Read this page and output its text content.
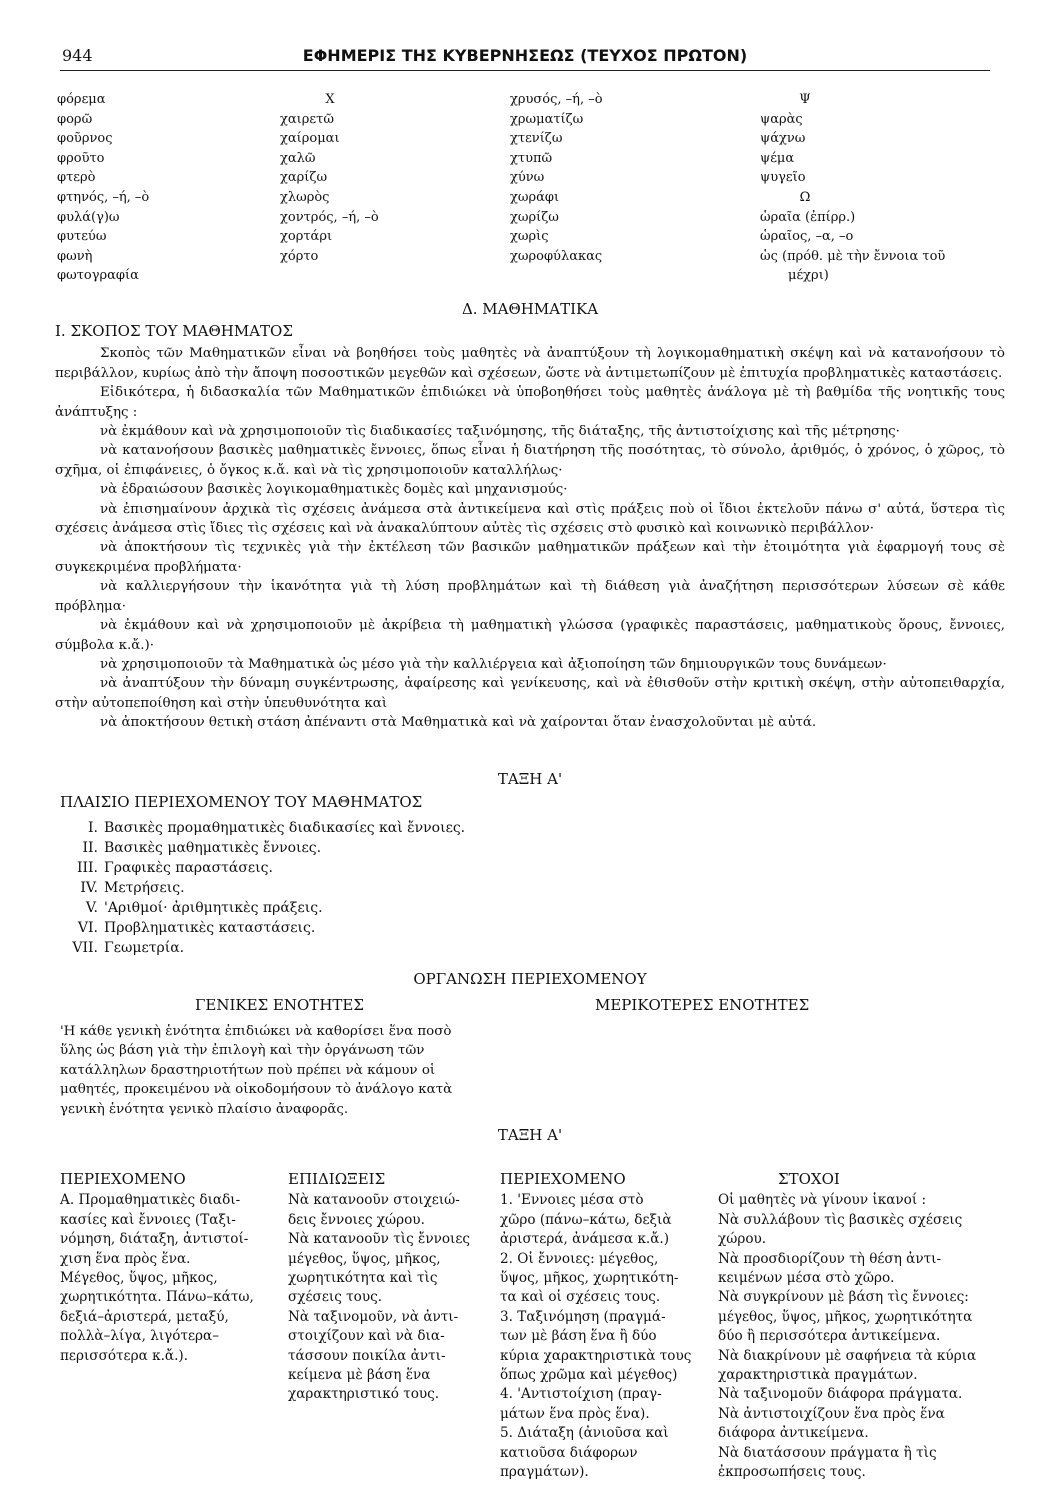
944	ΕΦΗΜΕΡΙΣ ΤΗΣ ΚΥΒΕΡΝΗΣΕΩΣ (ΤΕΥΧΟΣ ΠΡΩΤΟΝ)
φόρεμα
φορῶ
φοῦρνος
φροῦτο
φτερὸ
φτηνός, –ή, –ὸ
φυλά(γ)ω
φυτεύω
φωνὴ
φωτογραφία
X
χαιρετῶ
χαίρομαι
χαλῶ
χαρίζω
χλωρὸς
χοντρός, –ή, –ὸ
χορτάρι
χόρτο
χρυσός, –ή, –ὸ
χρωματίζω
χτενίζω
χτυπῶ
χύνω
χωράφι
χωρίζω
χωρὶς
χωροφύλακας
Ψ
ψαρὰς
ψάχνω
ψέμα
ψυγεῖο
Ω
ὡραῖα (ἐπίρρ.)
ὡραῖος, –α, –ο
ὡς (πρόθ. μὲ τὴν ἔννοια τοῦ
μέχρι)
Δ. ΜΑΘΗΜΑΤΙΚΑ
Ι. ΣΚΟΠΟΣ ΤΟΥ ΜΑΘΗΜΑΤΟΣ

Σκοπὸς τῶν Μαθηματικῶν εἶναι νὰ βοηθήσει τοὺς μαθητὲς νὰ ἀναπτύξουν τὴ λογικομαθηματικὴ σκέψη καὶ νὰ κατανοήσουν τὸ περιβάλλον, κυρίως ἀπὸ τὴν ἄποψη ποσοστικῶν μεγεθῶν καὶ σχέσεων, ὥστε νὰ ἀντιμετωπίζουν μὲ ἐπιτυχία προβληματικὲς καταστάσεις.

Εἰδικότερα, ἡ διδασκαλία τῶν Μαθηματικῶν ἐπιδιώκει νὰ ὑποβοηθήσει τοὺς μαθητὲς ἀνάλογα μὲ τὴ βαθμίδα τῆς νοητικῆς τους ἀνάπτυξης :

νὰ ἐκμάθουν καὶ νὰ χρησιμοποιοῦν τὶς διαδικασίες ταξινόμησης, τῆς διάταξης, τῆς ἀντιστοίχισης καὶ τῆς μέτρησης·

νὰ κατανοήσουν βασικὲς μαθηματικὲς ἔννοιες, ὅπως εἶναι ἡ διατήρηση τῆς ποσότητας, τὸ σύνολο, ἀριθμός, ὁ χρόνος, ὁ χῶρος, τὸ σχῆμα, οἱ ἐπιφάνειες, ὁ ὄγκος κ.ἄ. καὶ νὰ τὶς χρησιμοποιοῦν καταλλήλως·

νὰ ἑδραιώσουν βασικὲς λογικομαθηματικὲς δομὲς καὶ μηχανισμούς·

νὰ ἐπισημαίνουν ἀρχικὰ τὶς σχέσεις ἀνάμεσα στὰ ἀντικείμενα καὶ στὶς πράξεις ποὺ οἱ ἴδιοι ἐκτελοῦν πάνω σ' αὐτά, ὕστερα τὶς σχέσεις ἀνάμεσα στὶς ἴδιες τὶς σχέσεις καὶ νὰ ἀνακαλύπτουν αὐτὲς τὶς σχέσεις στὸ φυσικὸ καὶ κοινωνικὸ περιβάλλον·

νὰ ἀποκτήσουν τὶς τεχνικὲς γιὰ τὴν ἐκτέλεση τῶν βασικῶν μαθηματικῶν πράξεων καὶ τὴν ἑτοιμότητα γιὰ ἐφαρμογή τους σὲ συγκεκριμένα προβλήματα·

νὰ καλλιεργήσουν τὴν ἱκανότητα γιὰ τὴ λύση προβλημάτων καὶ τὴ διάθεση γιὰ ἀναζήτηση περισσότερων λύσεων σὲ κάθε πρόβλημα·

νὰ ἐκμάθουν καὶ νὰ χρησιμοποιοῦν μὲ ἀκρίβεια τὴ μαθηματικὴ γλώσσα (γραφικὲς παραστάσεις, μαθηματικοὺς ὅρους, ἔννοιες, σύμβολα κ.ἄ.)·

νὰ χρησιμοποιοῦν τὰ Μαθηματικὰ ὡς μέσο γιὰ τὴν καλλιέργεια καὶ ἀξιοποίηση τῶν δημιουργικῶν τους δυνάμεων·

νὰ ἀναπτύξουν τὴν δύναμη συγκέντρωσης, ἀφαίρεσης καὶ γενίκευσης, καὶ νὰ ἐθισθοῦν στὴν κριτικὴ σκέψη, στὴν αὐτοπειθαρχία, στὴν αὐτοπεποίθηση καὶ στὴν ὑπευθυνότητα καὶ

νὰ ἀποκτήσουν θετικὴ στάση ἀπέναντι στὰ Μαθηματικὰ καὶ νὰ χαίρονται ὅταν ἐνασχολοῦνται μὲ αὐτά.

ΤΑΞΗ Α'
ΠΛΑΙΣΙΟ ΠΕΡΙΕΧΟΜΕΝΟΥ ΤΟΥ ΜΑΘΗΜΑΤΟΣ
Ι. Βασικὲς προμαθηματικὲς διαδικασίες καὶ ἔννοιες.
ΙΙ. Βασικὲς μαθηματικὲς ἔννοιες.
ΙΙΙ. Γραφικὲς παραστάσεις.
IV. Μετρήσεις.
V. 'Αριθμοί· ἀριθμητικὲς πράξεις.
VI. Προβληματικὲς καταστάσεις.
VII. Γεωμετρία.
ΟΡΓΑΝΩΣΗ ΠΕΡΙΕΧΟΜΕΝΟΥ
ΓΕΝΙΚΕΣ ΕΝΟΤΗΤΕΣ	ΜΕΡΙΚΟΤΕΡΕΣ ΕΝΟΤΗΤΕΣ
'Η κάθε γενικὴ ἑνότητα ἐπιδιώκει νὰ καθορίσει ἕνα ποσὸ
ὕλης ὡς βάση γιὰ τὴν ἐπιλογὴ καὶ τὴν ὀργάνωση τῶν
κατάλληλων δραστηριοτήτων ποὺ πρέπει νὰ κάμουν οἱ
μαθητές, προκειμένου νὰ οἰκοδομήσουν τὸ ἀνάλογο κατὰ
γενικὴ ἑνότητα γενικὸ πλαίσιο ἀναφορᾶς.
ΤΑΞΗ Α'
ΠΕΡΙΕΧΟΜΕΝΟ
Α. Προμαθηματικὲς διαδι-
κασίες καὶ ἔννοιες (Ταξι-
νόμηση, διάταξη, ἀντιστοί-
χιση ἕνα πρὸς ἕνα.
Μέγεθος, ὕψος, μῆκος,
χωρητικότητα. Πάνω–κάτω,
δεξιά–ἀριστερά, μεταξύ,
πολλὰ–λίγα, λιγότερα–
περισσότερα κ.ἄ.).
ΕΠΙΔΙΩΞΕΙΣ
Νὰ κατανοοῦν στοιχειώ-
δεις ἔννοιες χώρου.
Νὰ κατανοοῦν τὶς ἔννοιες
μέγεθος, ὕψος, μῆκος,
χωρητικότητα καὶ τὶς
σχέσεις τους.
Νὰ ταξινομοῦν, νὰ ἀντι-
στοιχίζουν καὶ νὰ δια-
τάσσουν ποικίλα ἀντι-
κείμενα μὲ βάση ἕνα
χαρακτηριστικό τους.
ΠΕΡΙΕΧΟΜΕΝΟ
1. 'Εννοιες μέσα στὸ
χῶρο (πάνω–κάτω, δεξιὰ
ἀριστερά, ἀνάμεσα κ.ἄ.)
2. Οἱ ἔννοιες: μέγεθος,
ὕψος, μῆκος, χωρητικότη-
τα καὶ οἱ σχέσεις τους.
3. Ταξινόμηση (πραγμά-
των μὲ βάση ἕνα ἢ δύο
κύρια χαρακτηριστικὰ τους
ὅπως χρῶμα καὶ μέγεθος)
4. 'Αντιστοίχιση (πραγ-
μάτων ἕνα πρὸς ἕνα).
5. Διάταξη (ἀνιοῦσα καὶ
κατιοῦσα διάφορων
πραγμάτων).
ΣΤΟΧΟΙ
Οἱ μαθητὲς νὰ γίνουν ἱκανοί :
Νὰ συλλάβουν τὶς βασικὲς σχέσεις
χώρου.
Νὰ προσδιορίζουν τὴ θέση ἀντι-
κειμένων μέσα στὸ χῶρο.
Νὰ συγκρίνουν μὲ βάση τὶς ἔννοιες:
μέγεθος, ὕψος, μῆκος, χωρητικότητα
δύο ἢ περισσότερα ἀντικείμενα.
Νὰ διακρίνουν μὲ σαφήνεια τὰ κύρια
χαρακτηριστικὰ πραγμάτων.
Νὰ ταξινομοῦν διάφορα πράγματα.
Νὰ ἀντιστοιχίζουν ἕνα πρὸς ἕνα
διάφορα ἀντικείμενα.
Νὰ διατάσσουν πράγματα ἢ τὶς
ἐκπροσωπήσεις τους.
